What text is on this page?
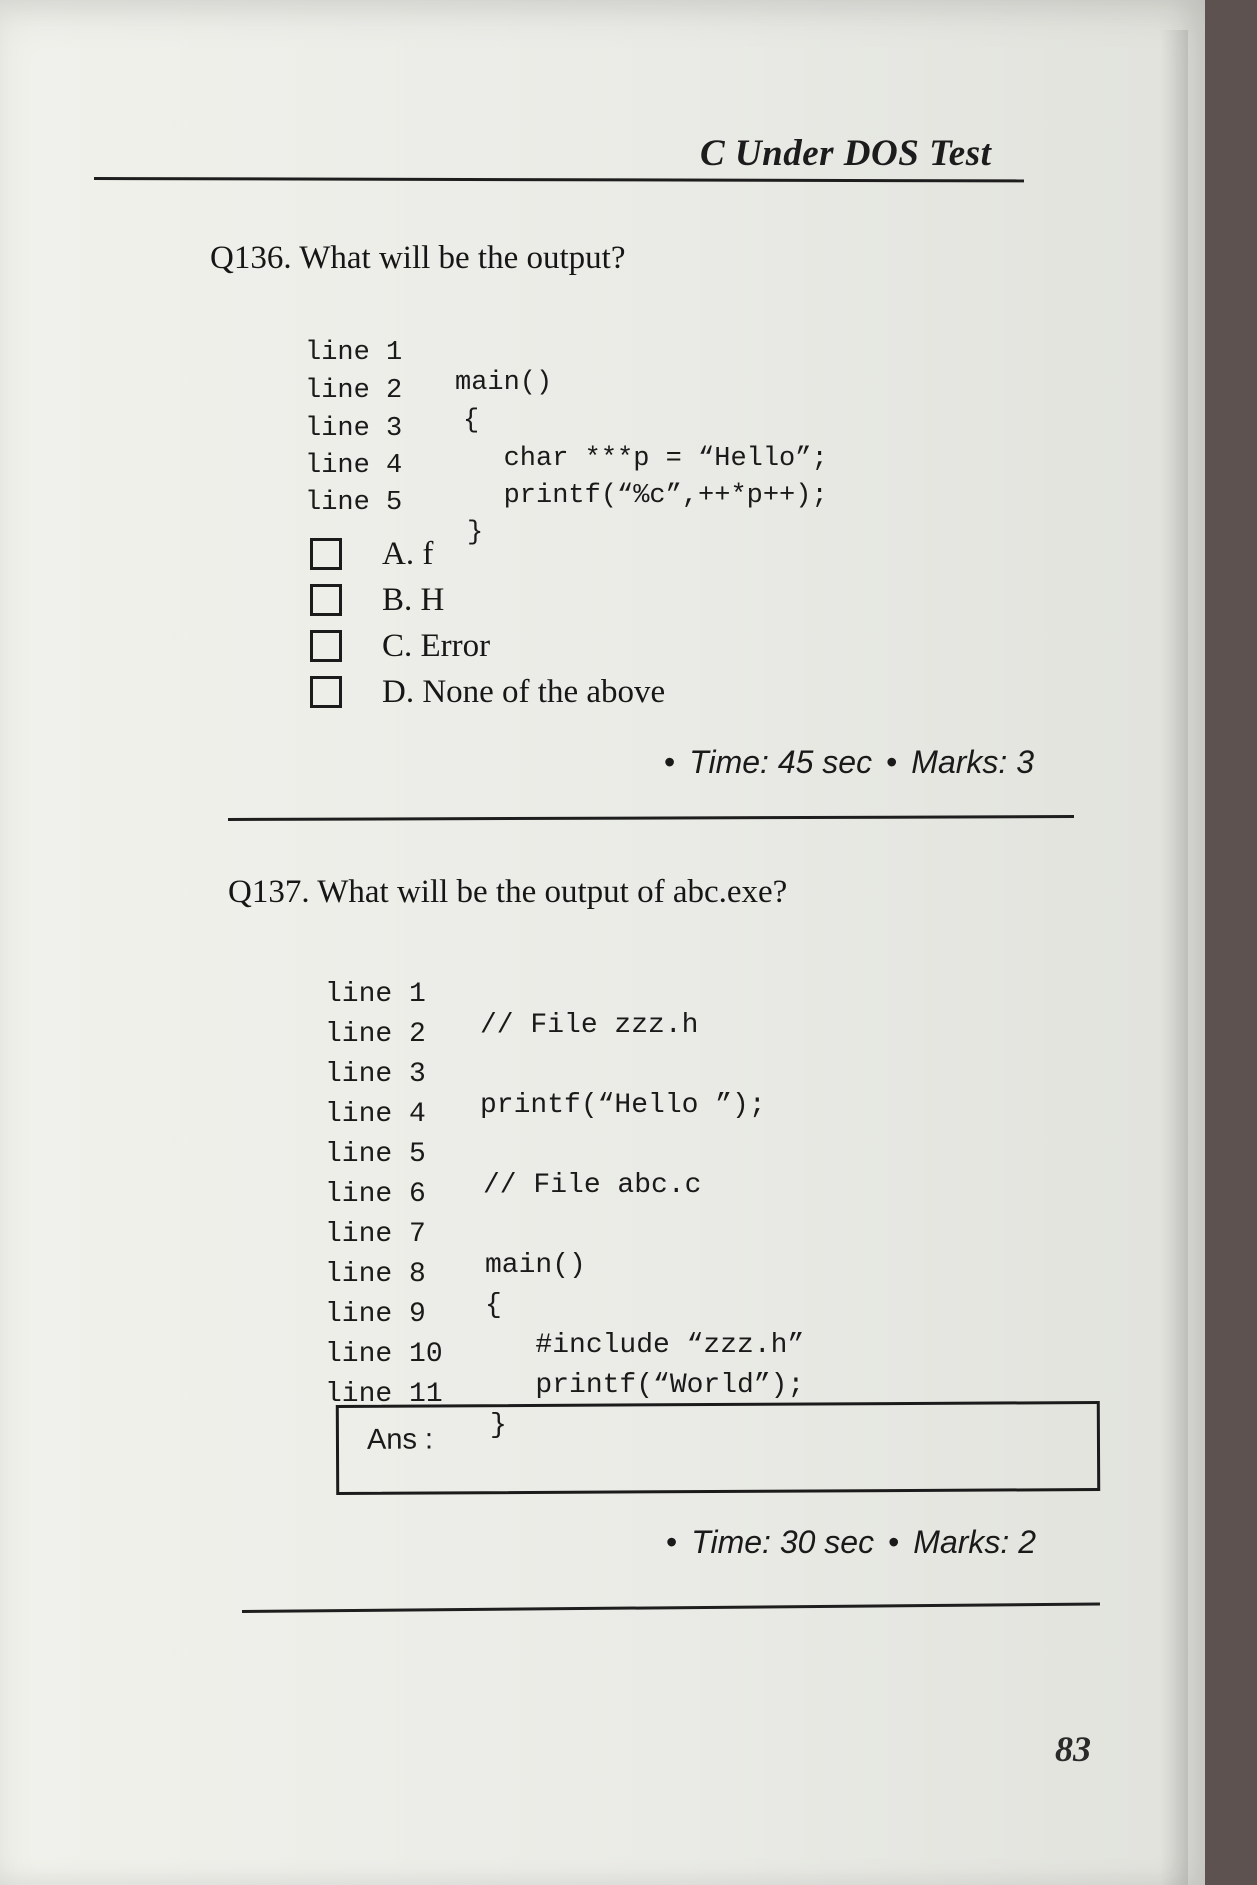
C Under DOS Test
Q136. What will be the output?

line 1

main()

line 2

{

line 3

char ***p = “Hello”;

line 4

printf(“%c”,++*p++);

line 5

}

A. f
B. H
C. Error
D. None of the above
• Time: 45 sec • Marks: 3
Q137. What will be the output of abc.exe?

line 1

// File zzz.h

line 2

line 3

printf(“Hello ”);

line 4

line 5

// File abc.c

line 6

line 7

main()

line 8

{

line 9

#include “zzz.h”

line 10

printf(“World”);

line 11

}

Ans :
• Time: 30 sec • Marks: 2
83
